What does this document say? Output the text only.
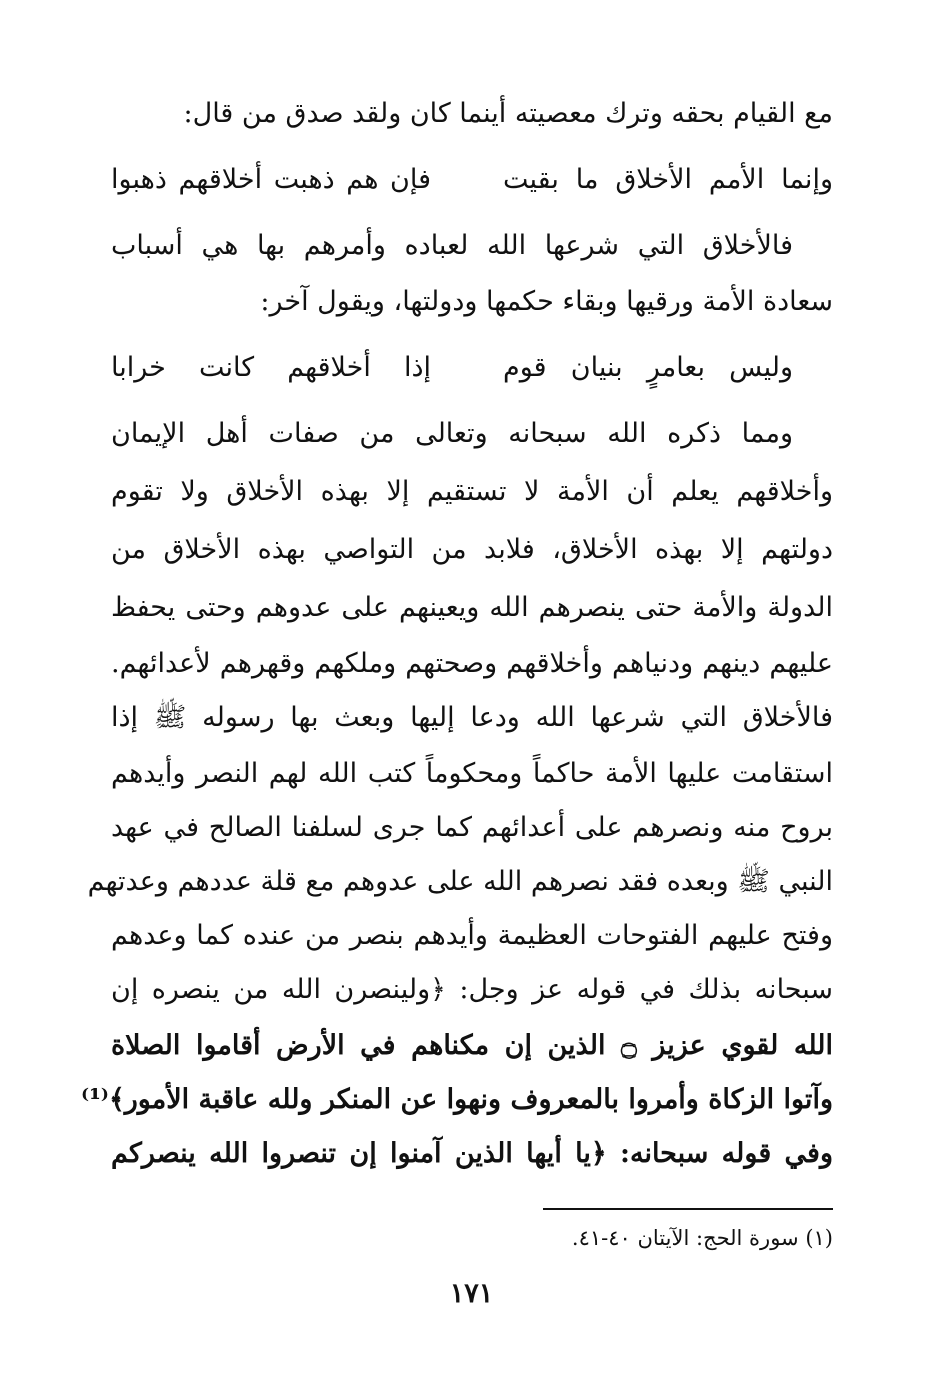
مع القيام بحقه وترك معصيته أينما كان ولقد صدق من قال:
وإنما الأمم الأخلاق ما بقيت
فإن هم ذهبت أخلاقهم ذهبوا
فالأخلاق التي شرعها الله لعباده وأمرهم بها هي أسباب
سعادة الأمة ورقيها وبقاء حكمها ودولتها، ويقول آخر:
وليس بعامرٍ بنيان قوم
إذا أخلاقهم كانت خرابا
ومما ذكره الله سبحانه وتعالى من صفات أهل الإيمان
وأخلاقهم يعلم أن الأمة لا تستقيم إلا بهذه الأخلاق ولا تقوم
دولتهم إلا بهذه الأخلاق، فلابد من التواصي بهذه الأخلاق من
الدولة والأمة حتى ينصرهم الله ويعينهم على عدوهم وحتى يحفظ
عليهم دينهم ودنياهم وأخلاقهم وصحتهم وملكهم وقهرهم لأعدائهم.
فالأخلاق التي شرعها الله ودعا إليها وبعث بها رسوله ﷺ إذا
استقامت عليها الأمة حاكماً ومحكوماً كتب الله لهم النصر وأيدهم
بروح منه ونصرهم على أعدائهم كما جرى لسلفنا الصالح في عهد
النبي ﷺ وبعده فقد نصرهم الله على عدوهم مع قلة عددهم وعدتهم
وفتح عليهم الفتوحات العظيمة وأيدهم بنصر من عنده كما وعدهم
سبحانه بذلك في قوله عز وجل: ﴿ولينصرن الله من ينصره إن
الله لقوي عزيز ۝ الذين إن مكناهم في الأرض أقاموا الصلاة
وآتوا الزكاة وأمروا بالمعروف ونهوا عن المنكر ولله عاقبة الأمور﴾⁽¹⁾
وفي قوله سبحانه: ﴿يا أيها الذين آمنوا إن تنصروا الله ينصركم
(١) سورة الحج: الآيتان ٤٠-٤١.
١٧١
